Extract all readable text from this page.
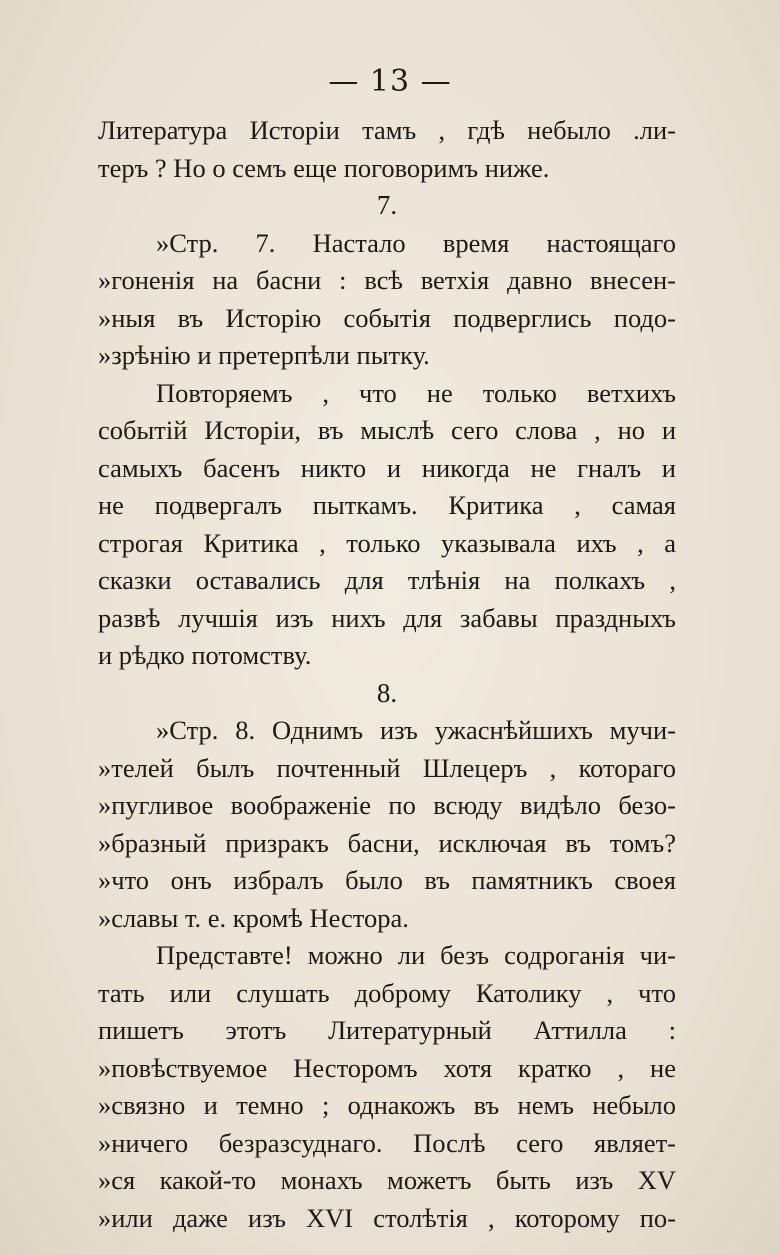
— 13 —

Литература Исторіи тамъ , гдѣ небыло .ли-
теръ ? Но о семъ еще поговоримъ ниже.

7.

»Стр. 7. Настало время настоящаго
»гоненія на басни : всѣ ветхія давно внесен-
»ныя въ Исторію событія подверглись подо-
»зрѣнію и претерпѣли пытку.

Повторяемъ , что не только ветхихъ
событій Исторіи, въ мыслѣ сего слова , но и
самыхъ басенъ никто и никогда не гналъ и
не подвергалъ пыткамъ. Критика , самая
строгая Критика , только указывала ихъ , а
сказки оставались для тлѣнія на полкахъ ,
развѣ лучшія изъ нихъ для забавы праздныхъ
и рѣдко потомству.

8.

»Стр. 8. Однимъ изъ ужаснѣйшихъ мучи-
»телей былъ почтенный Шлецеръ , котораго
»пугливое воображеніе по всюду видѣло безо-
»бразный призракъ басни, исключая въ томъ?
»что онъ избралъ было въ памятникъ своея
»славы т. е. кромѣ Нестора.

Представте! можно ли безъ содроганія чи-
тать или слушать доброму Католику , что
пишетъ этотъ Литературный Аттилла :
»повѣствуемое Несторомъ хотя кратко , не
»связно и темно ; однакожъ въ немъ небыло
»ничего безразсуднаго. Послѣ сего являет-
»ся какой-то монахъ можетъ быть изъ XV
»или даже изъ XVI столѣтія , которому по-
